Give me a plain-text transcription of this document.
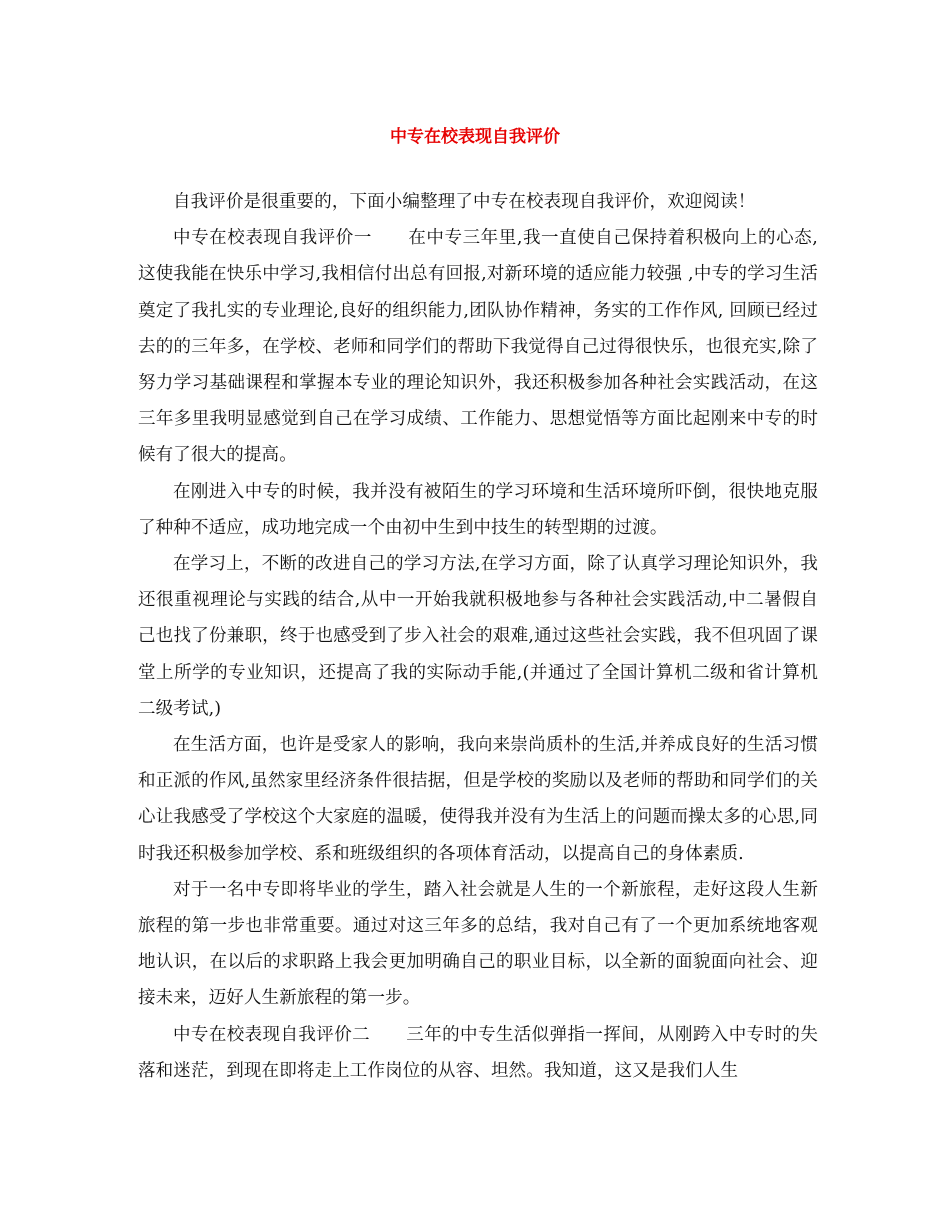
中专在校表现自我评价

自我评价是很重要的，下面小编整理了中专在校表现自我评价，欢迎阅读！

中专在校表现自我评价一 在中专三年里,我一直使自己保持着积极向上的心态,这使我能在快乐中学习,我相信付出总有回报,对新环境的适应能力较强 ,中专的学习生活奠定了我扎实的专业理论,良好的组织能力,团队协作精神，务实的工作作风, 回顾已经过去的的三年多，在学校、老师和同学们的帮助下我觉得自己过得很快乐，也很充实,除了努力学习基础课程和掌握本专业的理论知识外，我还积极参加各种社会实践活动，在这三年多里我明显感觉到自己在学习成绩、工作能力、思想觉悟等方面比起刚来中专的时候有了很大的提高。

在刚进入中专的时候，我并没有被陌生的学习环境和生活环境所吓倒，很快地克服了种种不适应，成功地完成一个由初中生到中技生的转型期的过渡。

在学习上，不断的改进自己的学习方法,在学习方面，除了认真学习理论知识外，我还很重视理论与实践的结合,从中一开始我就积极地参与各种社会实践活动,中二暑假自己也找了份兼职，终于也感受到了步入社会的艰难,通过这些社会实践，我不但巩固了课堂上所学的专业知识，还提高了我的实际动手能,(并通过了全国计算机二级和省计算机二级考试,)

在生活方面，也许是受家人的影响，我向来崇尚质朴的生活,并养成良好的生活习惯和正派的作风,虽然家里经济条件很拮据，但是学校的奖励以及老师的帮助和同学们的关心让我感受了学校这个大家庭的温暖，使得我并没有为生活上的问题而操太多的心思,同时我还积极参加学校、系和班级组织的各项体育活动，以提高自己的身体素质.

对于一名中专即将毕业的学生，踏入社会就是人生的一个新旅程，走好这段人生新旅程的第一步也非常重要。通过对这三年多的总结，我对自己有了一个更加系统地客观地认识，在以后的求职路上我会更加明确自己的职业目标，以全新的面貌面向社会、迎接未来，迈好人生新旅程的第一步。

中专在校表现自我评价二 三年的中专生活似弹指一挥间，从刚跨入中专时的失落和迷茫，到现在即将走上工作岗位的从容、坦然。我知道，这又是我们人生
